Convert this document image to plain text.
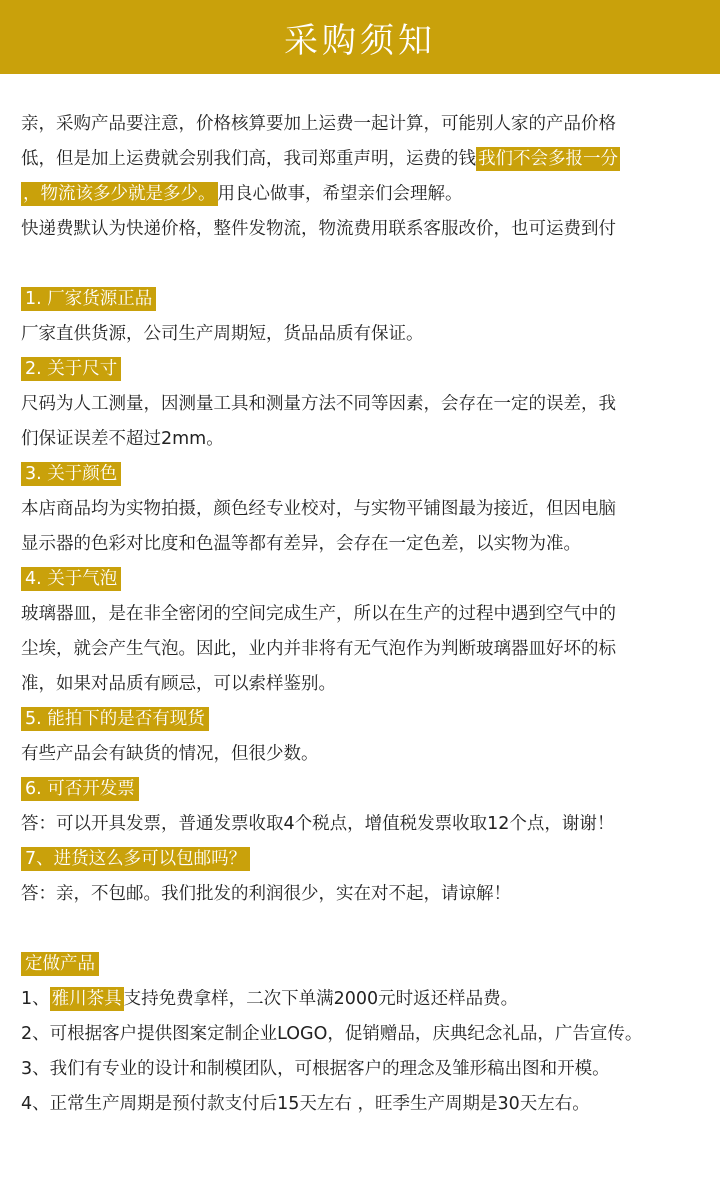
采购须知

亲，采购产品要注意，价格核算要加上运费一起计算，可能别人家的产品价格

低，但是加上运费就会别我们高，我司郑重声明，运费的钱 我们不会多报一分

，物流该多少就是多少。 用良心做事，希望亲们会理解。

快递费默认为快递价格，整件发物流，物流费用联系客服改价，也可运费到付

1. 厂家货源正品

厂家直供货源，公司生产周期短，货品品质有保证。

2. 关于尺寸

尺码为人工测量，因测量工具和测量方法不同等因素，会存在一定的误差，我

们保证误差不超过2mm。

3. 关于颜色

本店商品均为实物拍摄，颜色经专业校对，与实物平铺图最为接近，但因电脑

显示器的色彩对比度和色温等都有差异，会存在一定色差，以实物为准。

4. 关于气泡

玻璃器皿，是在非全密闭的空间完成生产，所以在生产的过程中遇到空气中的

尘埃，就会产生气泡。因此，业内并非将有无气泡作为判断玻璃器皿好坏的标

准，如果对品质有顾忌，可以索样鉴别。

5. 能拍下的是否有现货

有些产品会有缺货的情况，但很少数。

6. 可否开发票

答：可以开具发票，普通发票收取4个税点，增值税发票收取12个点，谢谢！

7、进货这么多可以包邮吗？

答：亲，不包邮。我们批发的利润很少，实在对不起，请谅解！

定做产品

1、 雅川茶具 支持免费拿样，二次下单满2000元时返还样品费。

2、可根据客户提供图案定制企业LOGO，促销赠品，庆典纪念礼品，广告宣传。

3、我们有专业的设计和制模团队，可根据客户的理念及雏形稿出图和开模。

4、正常生产周期是预付款支付后15天左右 ，旺季生产周期是30天左右。
